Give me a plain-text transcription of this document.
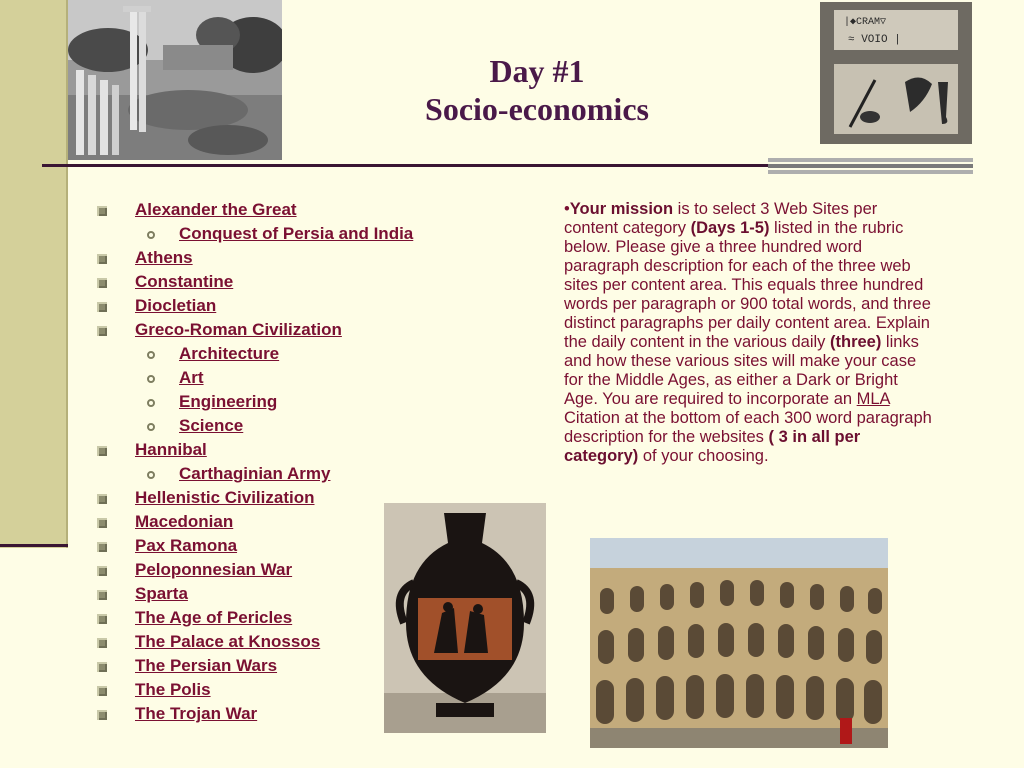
|◆CRAM▽
≈ VOIO |
Day #1
Socio-economics
Alexander the Great
Conquest of Persia and India
Athens
Constantine
Diocletian
Greco-Roman Civilization
Architecture
Art
Engineering
Science
Hannibal
Carthaginian Army
Hellenistic Civilization
Macedonian
Pax Ramona
Peloponnesian War
Sparta
The Age of Pericles
The Palace at Knossos
The Persian Wars
The Polis
The Trojan War
•Your mission is to select 3 Web Sites per content category (Days 1-5) listed in the rubric below. Please give a three hundred word paragraph description for each of the three web sites per content area. This equals three hundred words per paragraph or 900 total words, and three distinct paragraphs per daily content area. Explain the daily content in the various daily (three) links and how these various sites will make your case for the Middle Ages, as either a Dark or Bright Age. You are required to incorporate an MLA Citation at the bottom of each 300 word paragraph description for the websites ( 3 in all per category) of your choosing.
